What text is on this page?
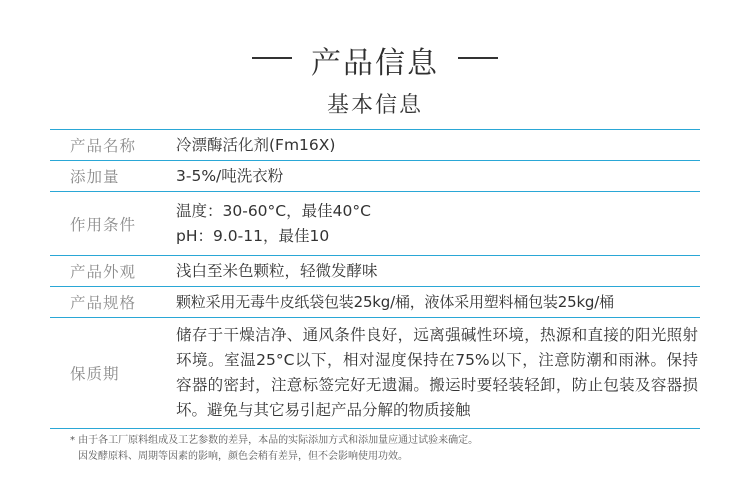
产品信息
基本信息
产品名称	冷漂酶活化剂(Fm16X)
添加量	3-5%/吨洗衣粉
作用条件	温度：30-60°C，最佳40°C
pH：9.0-11，最佳10

产品外观	浅白至米色颗粒，轻微发酵味
产品规格	颗粒采用无毒牛皮纸袋包装25kg/桶，液体采用塑料桶包装25kg/桶
保质期	储存于干燥洁净、通风条件良好，远离强碱性环境，热源和直接的阳光照射环境。室温25°C以下，相对湿度保持在75%以下，注意防潮和雨淋。保持容器的密封，注意标签完好无遗漏。搬运时要轻装轻卸，防止包装及容器损坏。避免与其它易引起产品分解的物质接触
* 由于各工厂原料组成及工艺参数的差异，本品的实际添加方式和添加量应通过试验来确定。
因发酵原料、周期等因素的影响，颜色会稍有差异，但不会影响使用功效。
